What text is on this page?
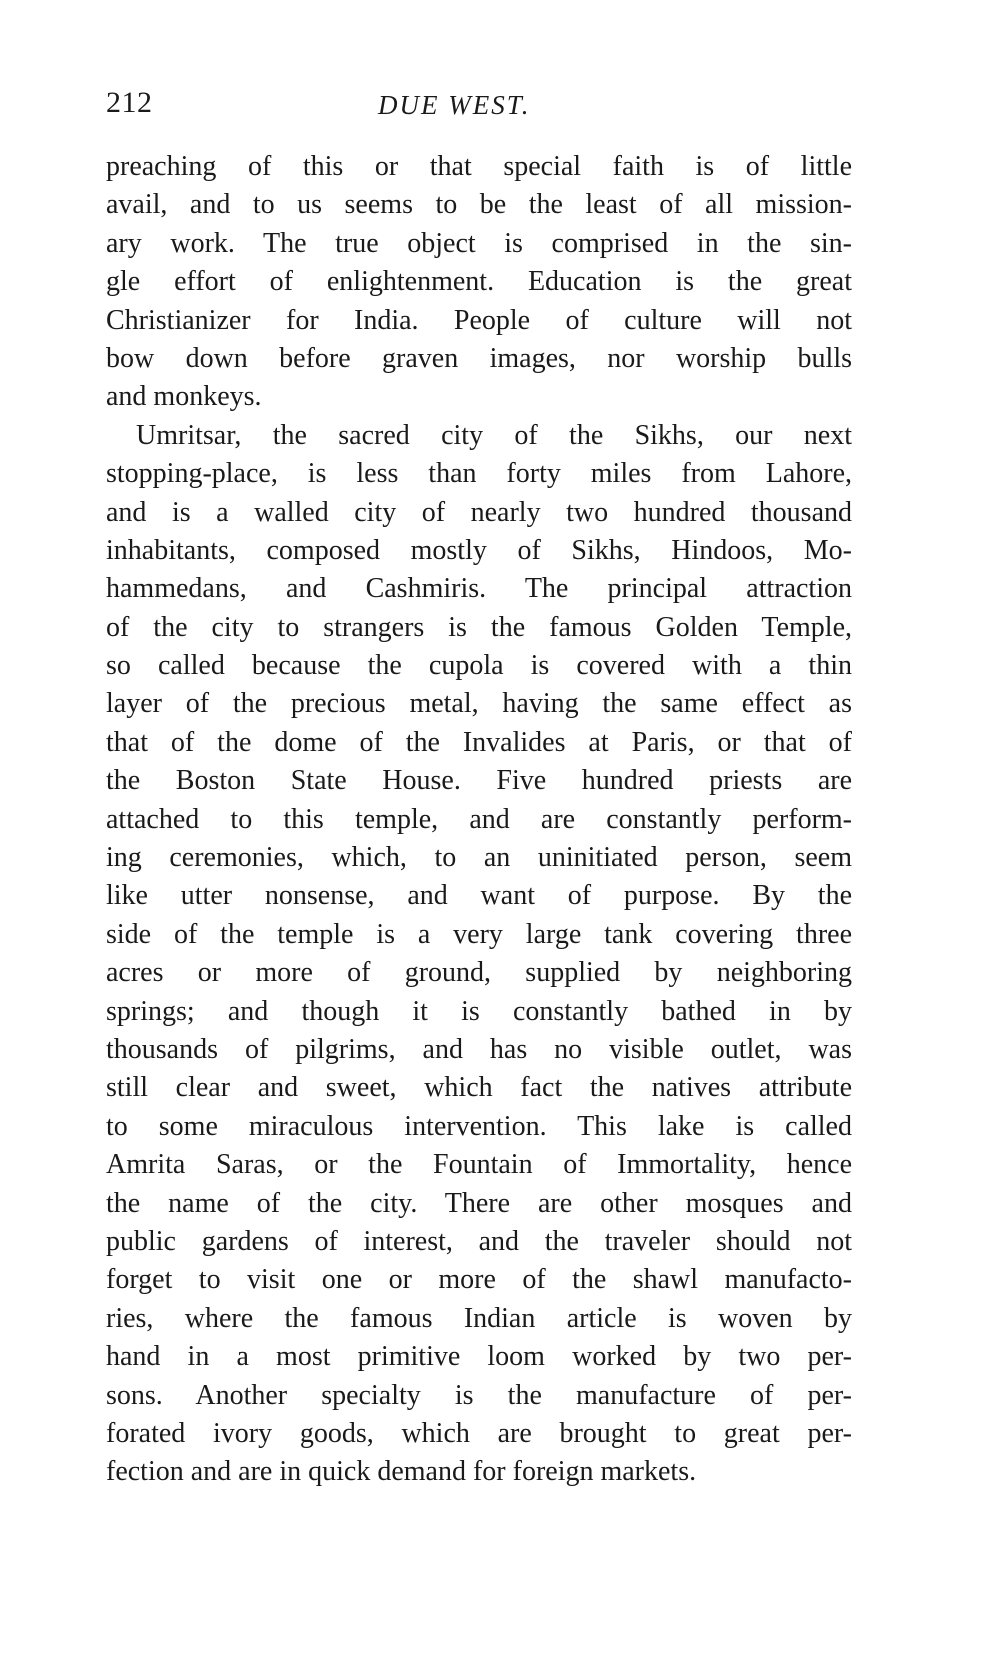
212	DUE WEST.
preaching of this or that special faith is of little
avail, and to us seems to be the least of all mission-
ary work. The true object is comprised in the sin-
gle effort of enlightenment. Education is the great
Christianizer for India. People of culture will not
bow down before graven images, nor worship bulls
and monkeys.
Umritsar, the sacred city of the Sikhs, our next
stopping-place, is less than forty miles from Lahore,
and is a walled city of nearly two hundred thousand
inhabitants, composed mostly of Sikhs, Hindoos, Mo-
hammedans, and Cashmiris. The principal attraction
of the city to strangers is the famous Golden Temple,
so called because the cupola is covered with a thin
layer of the precious metal, having the same effect as
that of the dome of the Invalides at Paris, or that of
the Boston State House. Five hundred priests are
attached to this temple, and are constantly perform-
ing ceremonies, which, to an uninitiated person, seem
like utter nonsense, and want of purpose. By the
side of the temple is a very large tank covering three
acres or more of ground, supplied by neighboring
springs; and though it is constantly bathed in by
thousands of pilgrims, and has no visible outlet, was
still clear and sweet, which fact the natives attribute
to some miraculous intervention. This lake is called
Amrita Saras, or the Fountain of Immortality, hence
the name of the city. There are other mosques and
public gardens of interest, and the traveler should not
forget to visit one or more of the shawl manufacto-
ries, where the famous Indian article is woven by
hand in a most primitive loom worked by two per-
sons. Another specialty is the manufacture of per-
forated ivory goods, which are brought to great per-
fection and are in quick demand for foreign markets.
